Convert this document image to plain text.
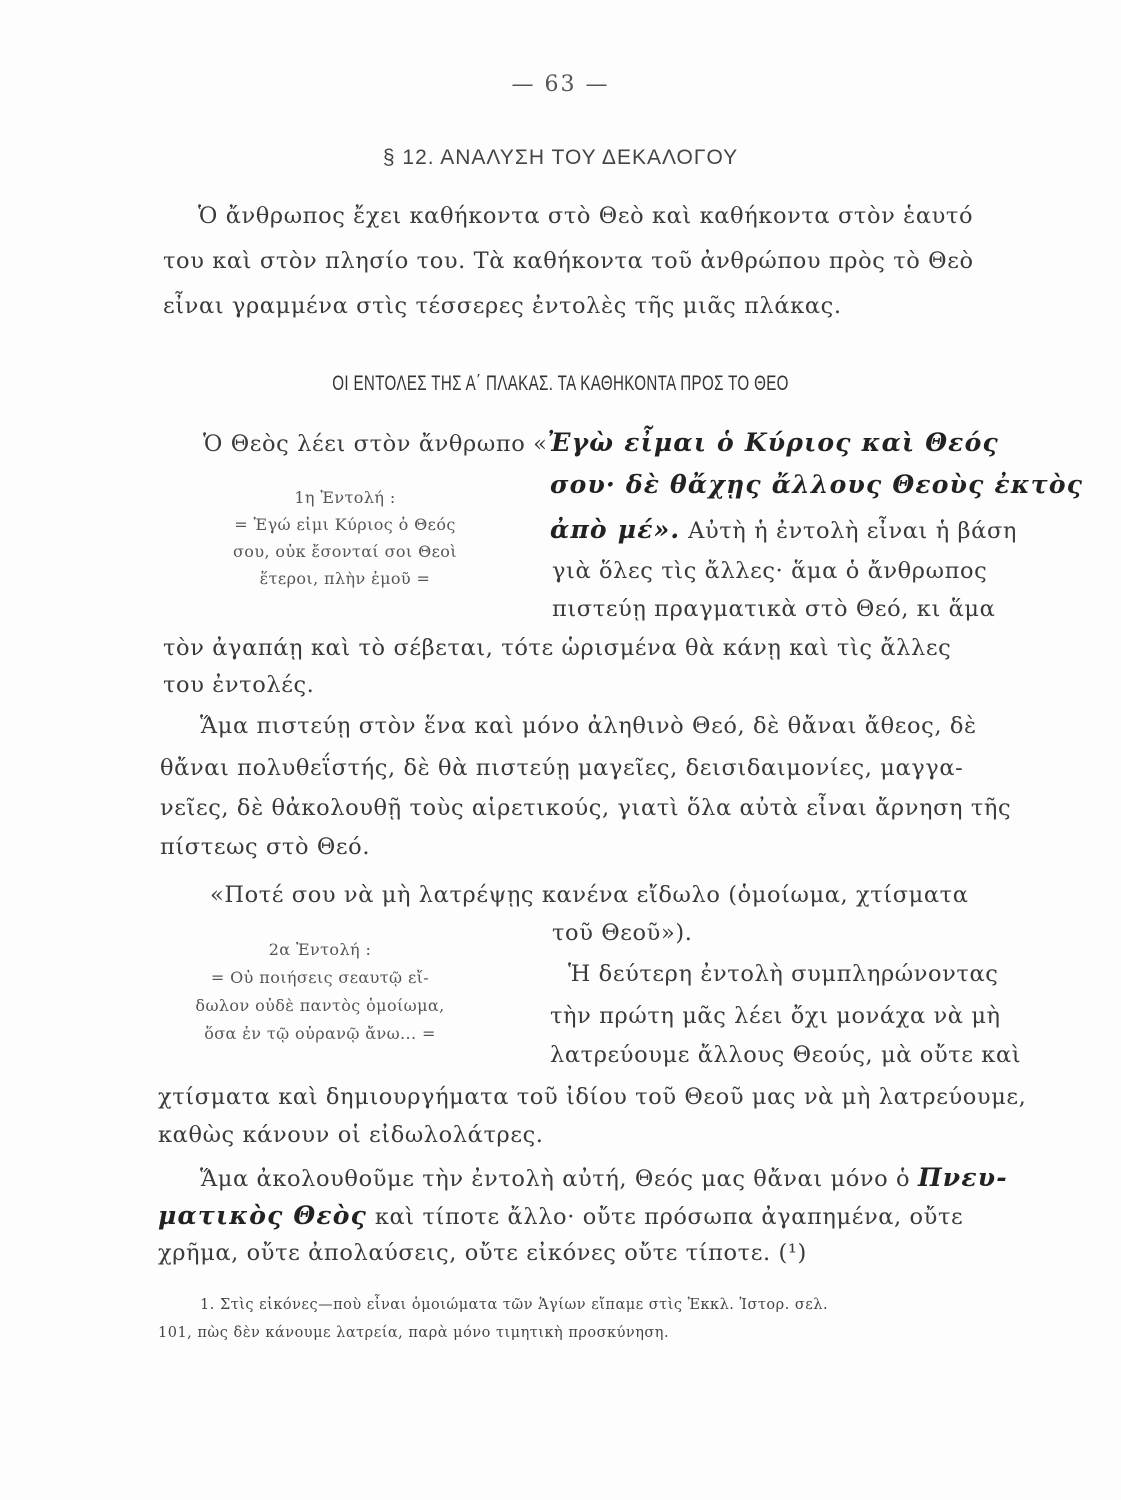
— 63 —
§ 12. ΑΝΑΛΥΣΗ ΤΟΥ ΔΕΚΑΛΟΓΟΥ
Ὁ ἄνθρωπος ἔχει καθήκοντα στὸ Θεὸ καὶ καθήκοντα στὸν ἑαυτό
του καὶ στὸν πλησίο του. Τὰ καθήκοντα τοῦ ἀνθρώπου πρὸς τὸ Θεὸ
εἶναι γραμμένα στὶς τέσσερες ἐντολὲς τῆς μιᾶς πλάκας.
ΟΙ ΕΝΤΟΛΕΣ ΤΗΣ Α΄ ΠΛΑΚΑΣ. ΤΑ ΚΑΘΗΚΟΝΤΑ ΠΡΟΣ ΤΟ ΘΕΟ
Ὁ Θεὸς λέει στὸν ἄνθρωπο «Ἐγὼ εἶμαι ὁ Κύριος καὶ Θεός
σου· δὲ θἄχῃς ἄλλους Θεοὺς ἐκτὸς
ἀπὸ μέ». Αὐτὴ ἡ ἐντολὴ εἶναι ἡ βάση
γιὰ ὅλες τὶς ἄλλες· ἅμα ὁ ἄνθρωπος
πιστεύῃ πραγματικὰ στὸ Θεό, κι ἅμα
τὸν ἀγαπάῃ καὶ τὸ σέβεται, τότε ὡρισμένα θὰ κάνῃ καὶ τὶς ἄλλες
του ἐντολές.
1η Ἐντολή :
= Ἐγώ εἰμι Κύριος ὁ Θεός
σου, οὐκ ἔσονταί σοι Θεοὶ
ἕτεροι, πλὴν ἐμοῦ =
Ἅμα πιστεύῃ στὸν ἕνα καὶ μόνο ἀληθινὸ Θεό, δὲ θἄναι ἄθεος, δὲ
θἄναι πολυθεΐστής, δὲ θὰ πιστεύῃ μαγεῖες, δεισιδαιμονίες, μαγγα-
νεῖες, δὲ θἀκολουθῇ τοὺς αἱρετικούς, γιατὶ ὅλα αὐτὰ εἶναι ἄρνηση τῆς
πίστεως στὸ Θεό.
«Ποτέ σου νὰ μὴ λατρέψῃς κανένα εἴδωλο (ὁμοίωμα, χτίσματα
τοῦ Θεοῦ»).
Ἡ δεύτερη ἐντολὴ συμπληρώνοντας
τὴν πρώτη μᾶς λέει ὄχι μονάχα νὰ μὴ
λατρεύουμε ἄλλους Θεούς, μὰ οὔτε καὶ
χτίσματα καὶ δημιουργήματα τοῦ ἰδίου τοῦ Θεοῦ μας νὰ μὴ λατρεύουμε,
καθὼς κάνουν οἱ εἰδωλολάτρες.
2α Ἐντολή :
= Οὐ ποιήσεις σεαυτῷ εἴ-
δωλον οὐδὲ παντὸς ὁμοίωμα,
ὅσα ἐν τῷ οὐρανῷ ἄνω... =
Ἅμα ἀκολουθοῦμε τὴν ἐντολὴ αὐτή, Θεός μας θἄναι μόνο ὁ Πνευ-
ματικὸς Θεὸς καὶ τίποτε ἄλλο· οὔτε πρόσωπα ἀγαπημένα, οὔτε
χρῆμα, οὔτε ἀπολαύσεις, οὔτε εἰκόνες οὔτε τίποτε. (¹)
1. Στὶς εἰκόνες—ποὺ εἶναι ὁμοιώματα τῶν Ἁγίων εἴπαμε στὶς Ἐκκλ. Ἱστορ. σελ.
101, πὼς δὲν κάνουμε λατρεία, παρὰ μόνο τιμητικὴ προσκύνηση.
